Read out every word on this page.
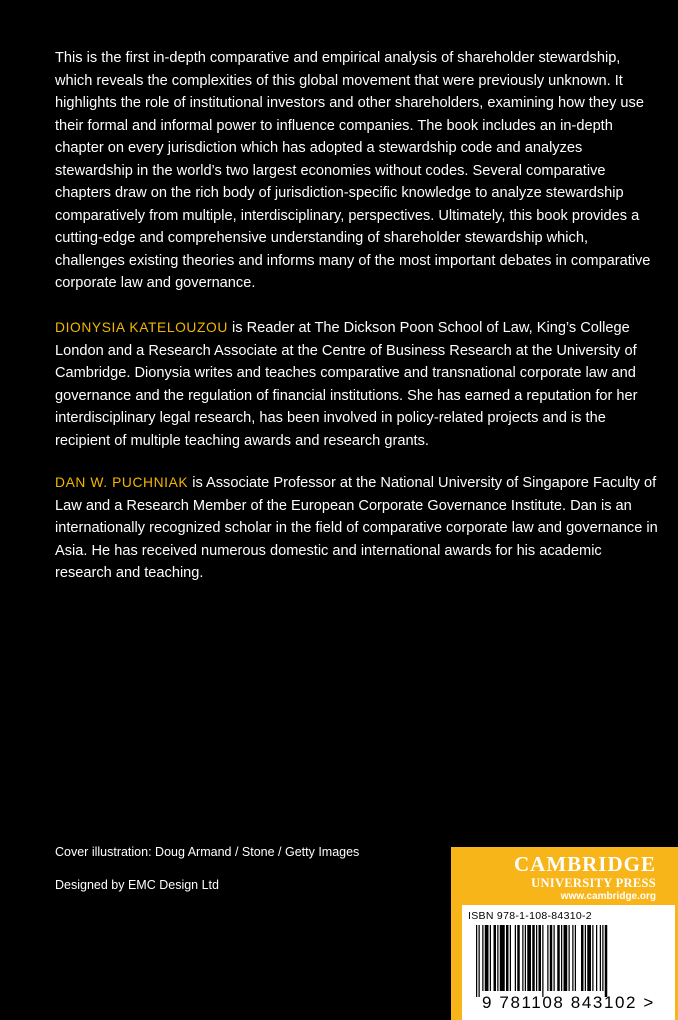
This is the first in-depth comparative and empirical analysis of shareholder stewardship, which reveals the complexities of this global movement that were previously unknown. It highlights the role of institutional investors and other shareholders, examining how they use their formal and informal power to influence companies. The book includes an in-depth chapter on every jurisdiction which has adopted a stewardship code and analyzes stewardship in the world’s two largest economies without codes. Several comparative chapters draw on the rich body of jurisdiction-specific knowledge to analyze stewardship comparatively from multiple, interdisciplinary, perspectives. Ultimately, this book provides a cutting-edge and comprehensive understanding of shareholder stewardship which, challenges existing theories and informs many of the most important debates in comparative corporate law and governance.

DIONYSIA KATELOUZOU is Reader at The Dickson Poon School of Law, King’s College London and a Research Associate at the Centre of Business Research at the University of Cambridge. Dionysia writes and teaches comparative and transnational corporate law and governance and the regulation of financial institutions. She has earned a reputation for her interdisciplinary legal research, has been involved in policy-related projects and is the recipient of multiple teaching awards and research grants.

DAN W. PUCHNIAK is Associate Professor at the National University of Singapore Faculty of Law and a Research Member of the European Corporate Governance Institute. Dan is an internationally recognized scholar in the field of comparative corporate law and governance in Asia. He has received numerous domestic and international awards for his academic research and teaching.

Cover illustration: Doug Armand / Stone / Getty Images
Designed by EMC Design Ltd
CAMBRIDGE
UNIVERSITY PRESS
www.cambridge.org
ISBN 978-1-108-84310-2
9 781108 843102 >
